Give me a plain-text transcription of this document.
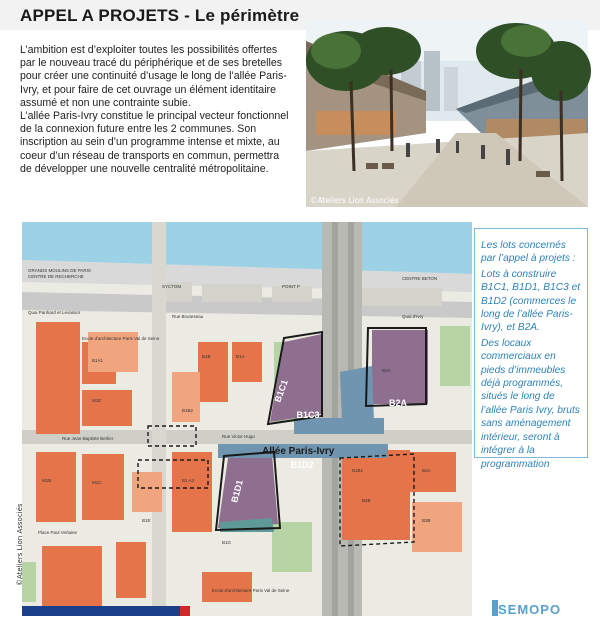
APPEL A PROJETS - Le périmètre

L’ambition est d’exploiter toutes les possibilités offertes par le nouveau tracé du périphérique et de ses bretelles pour créer une continuité d’usage le long de l’allée Paris-Ivry, et pour faire de cet ouvrage un élément identitaire assumé et non une contrainte subie.

L’allée Paris-Ivry constitue le principal vecteur fonctionnel de la connexion future entre les 2 communes. Son inscription au sein d’un programme intense et mixte, au coeur d’un réseau de transports en commun, permettra de développer une nouvelle centralité métropolitaine.

©Ateliers Lion Associés
B1C1
B1C3
B2A
B1D1
B1D2
Allée Paris-Ivry
GRANDS MOULINS DE PARIS
CENTRE DE RECHERCHE
B1B	B1A
B1B2
B1A1
M1E
M1B	M1C	B1 A2
B1B1
B2B
B3B
B1E
B1G
B2A
B3A
Quai Panhard et Levassor
Quai d'Ivry
Rue Bruneseau
Rue Jean-Baptiste Berlier	Rue Victor Hugo
Place Paul Verlaine
Ecole d'architecture Paris Val de Seine
Ecole d'architecture Paris Val de Seine
SYCTOM	POINT P
CENTRE BETON
©Ateliers Lion Associés

Les lots concernés par l’appel à projets :

Lots à construire B1C1, B1D1, B1C3 et B1D2 (commerces le long de l’allée Paris-Ivry), et B2A.

Des locaux commerciaux en pieds d’immeubles déjà programmés, situés le long de l’allée Paris Ivry, bruts sans aménagement intérieur, seront à intégrer à la programmation

SEMOPO
